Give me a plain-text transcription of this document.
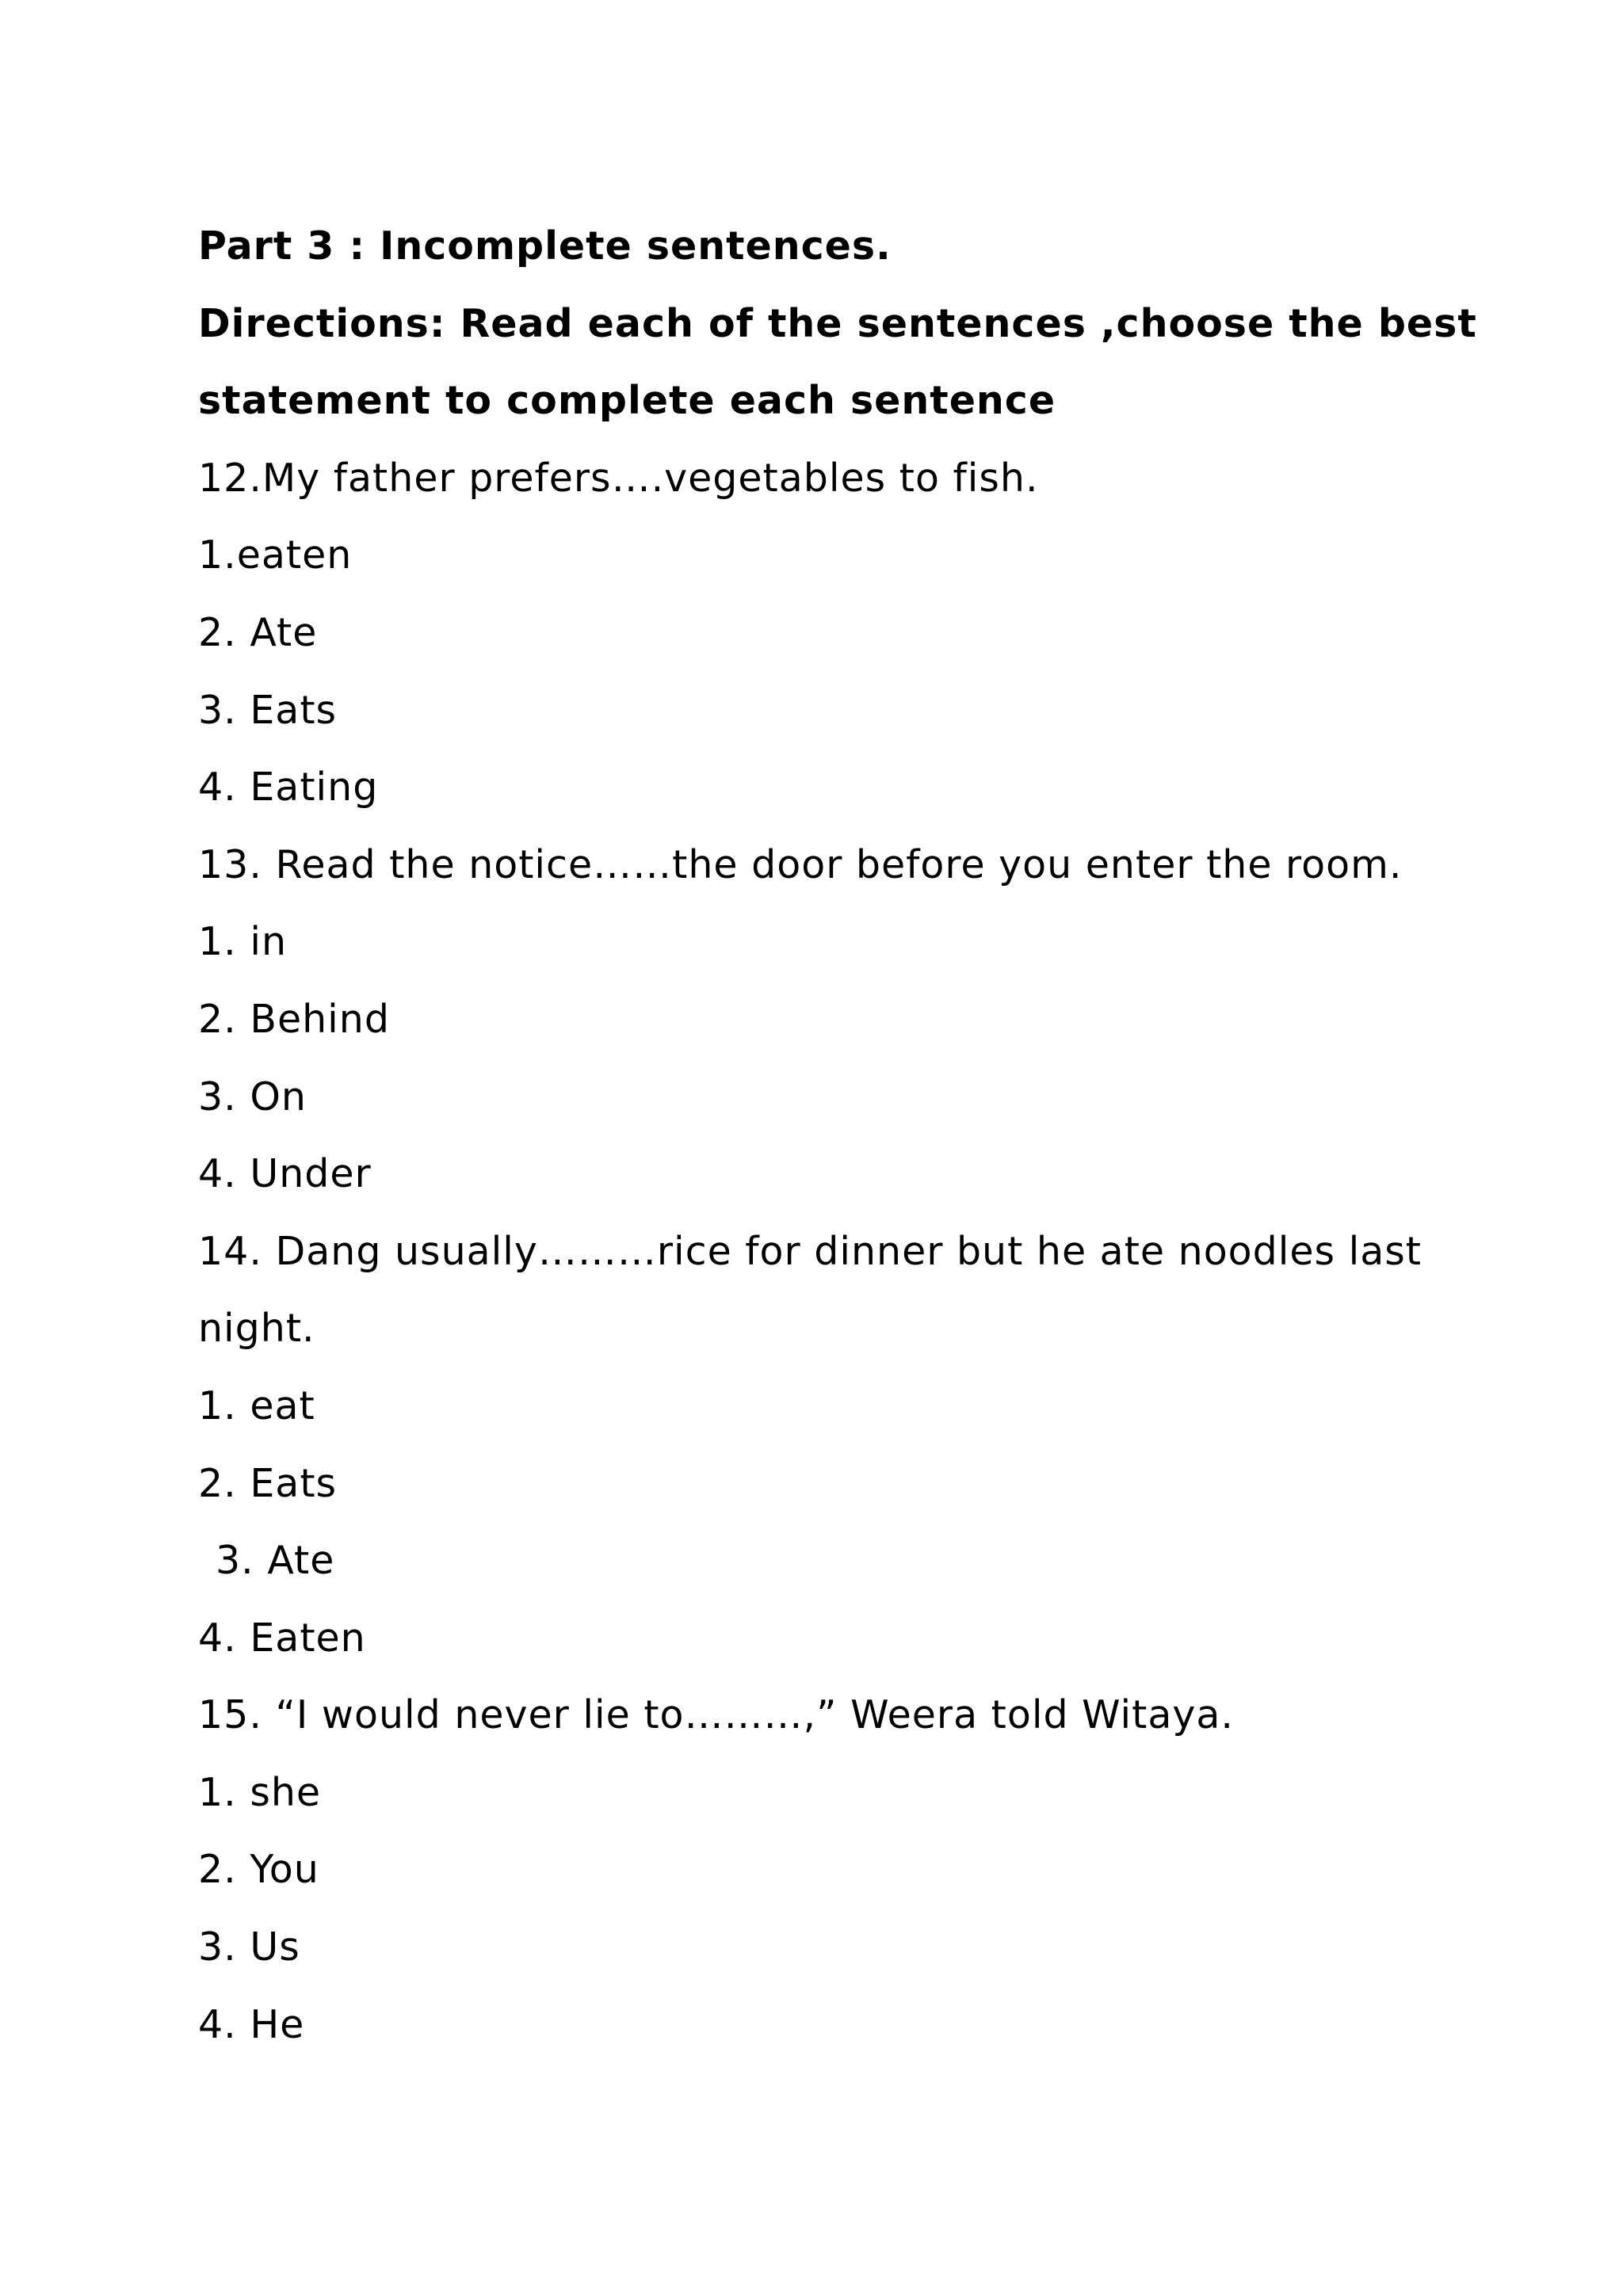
Part 3 : Incomplete sentences.
Directions: Read each of the sentences ,choose the best
statement to complete each sentence
12.My father prefers….vegetables to fish.
1.eaten
2. Ate
3. Eats
4. Eating
13. Read the notice……the door before you enter the room.
1. in
2. Behind
3. On
4. Under
14. Dang usually………rice for dinner but he ate noodles last
night.
1. eat
2. Eats
3. Ate
4. Eaten
15. “I would never lie to………,” Weera told Witaya.
1. she
2. You
3. Us
4. He
